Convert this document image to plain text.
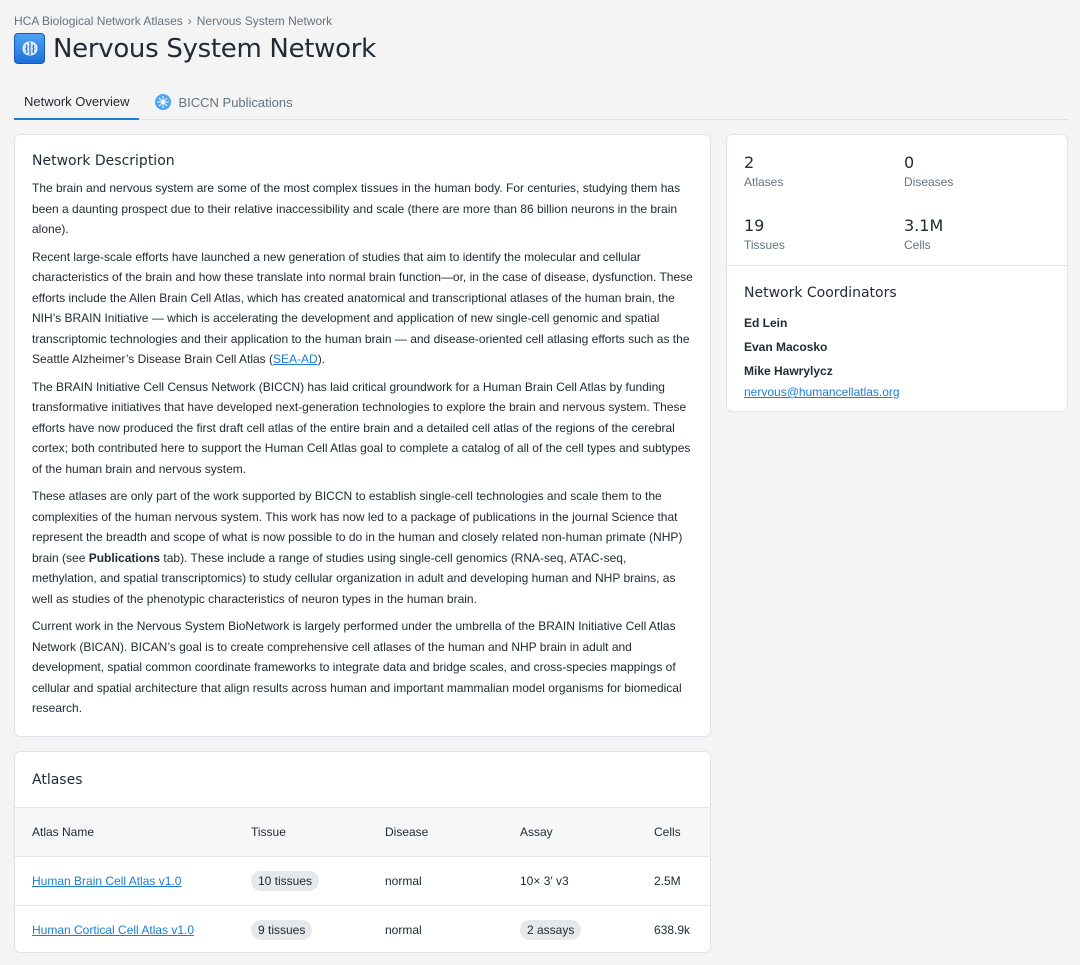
HCA Biological Network Atlases › Nervous System Network
Nervous System Network
Network Overview	BICCN Publications
Network Description

The brain and nervous system are some of the most complex tissues in the human body. For centuries, studying them has been a daunting prospect due to their relative inaccessibility and scale (there are more than 86 billion neurons in the brain alone).

Recent large-scale efforts have launched a new generation of studies that aim to identify the molecular and cellular characteristics of the brain and how these translate into normal brain function—or, in the case of disease, dysfunction. These efforts include the Allen Brain Cell Atlas, which has created anatomical and transcriptional atlases of the human brain, the NIH’s BRAIN Initiative — which is accelerating the development and application of new single-cell genomic and spatial transcriptomic technologies and their application to the human brain — and disease-oriented cell atlasing efforts such as the Seattle Alzheimer’s Disease Brain Cell Atlas (SEA-AD).

The BRAIN Initiative Cell Census Network (BICCN) has laid critical groundwork for a Human Brain Cell Atlas by funding transformative initiatives that have developed next-generation technologies to explore the brain and nervous system. These efforts have now produced the first draft cell atlas of the entire brain and a detailed cell atlas of the regions of the cerebral cortex; both contributed here to support the Human Cell Atlas goal to complete a catalog of all of the cell types and subtypes of the human brain and nervous system.

These atlases are only part of the work supported by BICCN to establish single-cell technologies and scale them to the complexities of the human nervous system. This work has now led to a package of publications in the journal Science that represent the breadth and scope of what is now possible to do in the human and closely related non-human primate (NHP) brain (see Publications tab). These include a range of studies using single-cell genomics (RNA-seq, ATAC-seq, methylation, and spatial transcriptomics) to study cellular organization in adult and developing human and NHP brains, as well as studies of the phenotypic characteristics of neuron types in the human brain.

Current work in the Nervous System BioNetwork is largely performed under the umbrella of the BRAIN Initiative Cell Atlas Network (BICAN). BICAN’s goal is to create comprehensive cell atlases of the human and NHP brain in adult and development, spatial common coordinate frameworks to integrate data and bridge scales, and cross-species mappings of cellular and spatial architecture that align results across human and important mammalian model organisms for biomedical research.

2
Atlases
0
Diseases
19
Tissues
3.1M
Cells
Network Coordinators
Ed Lein
Evan Macosko
Mike Hawrylycz
nervous@humancellatlas.org
Atlases
Atlas Name	Tissue	Disease	Assay	Cells
Human Brain Cell Atlas v1.0	10 tissues	normal	10× 3′ v3	2.5M
Human Cortical Cell Atlas v1.0	9 tissues	normal	2 assays	638.9k
